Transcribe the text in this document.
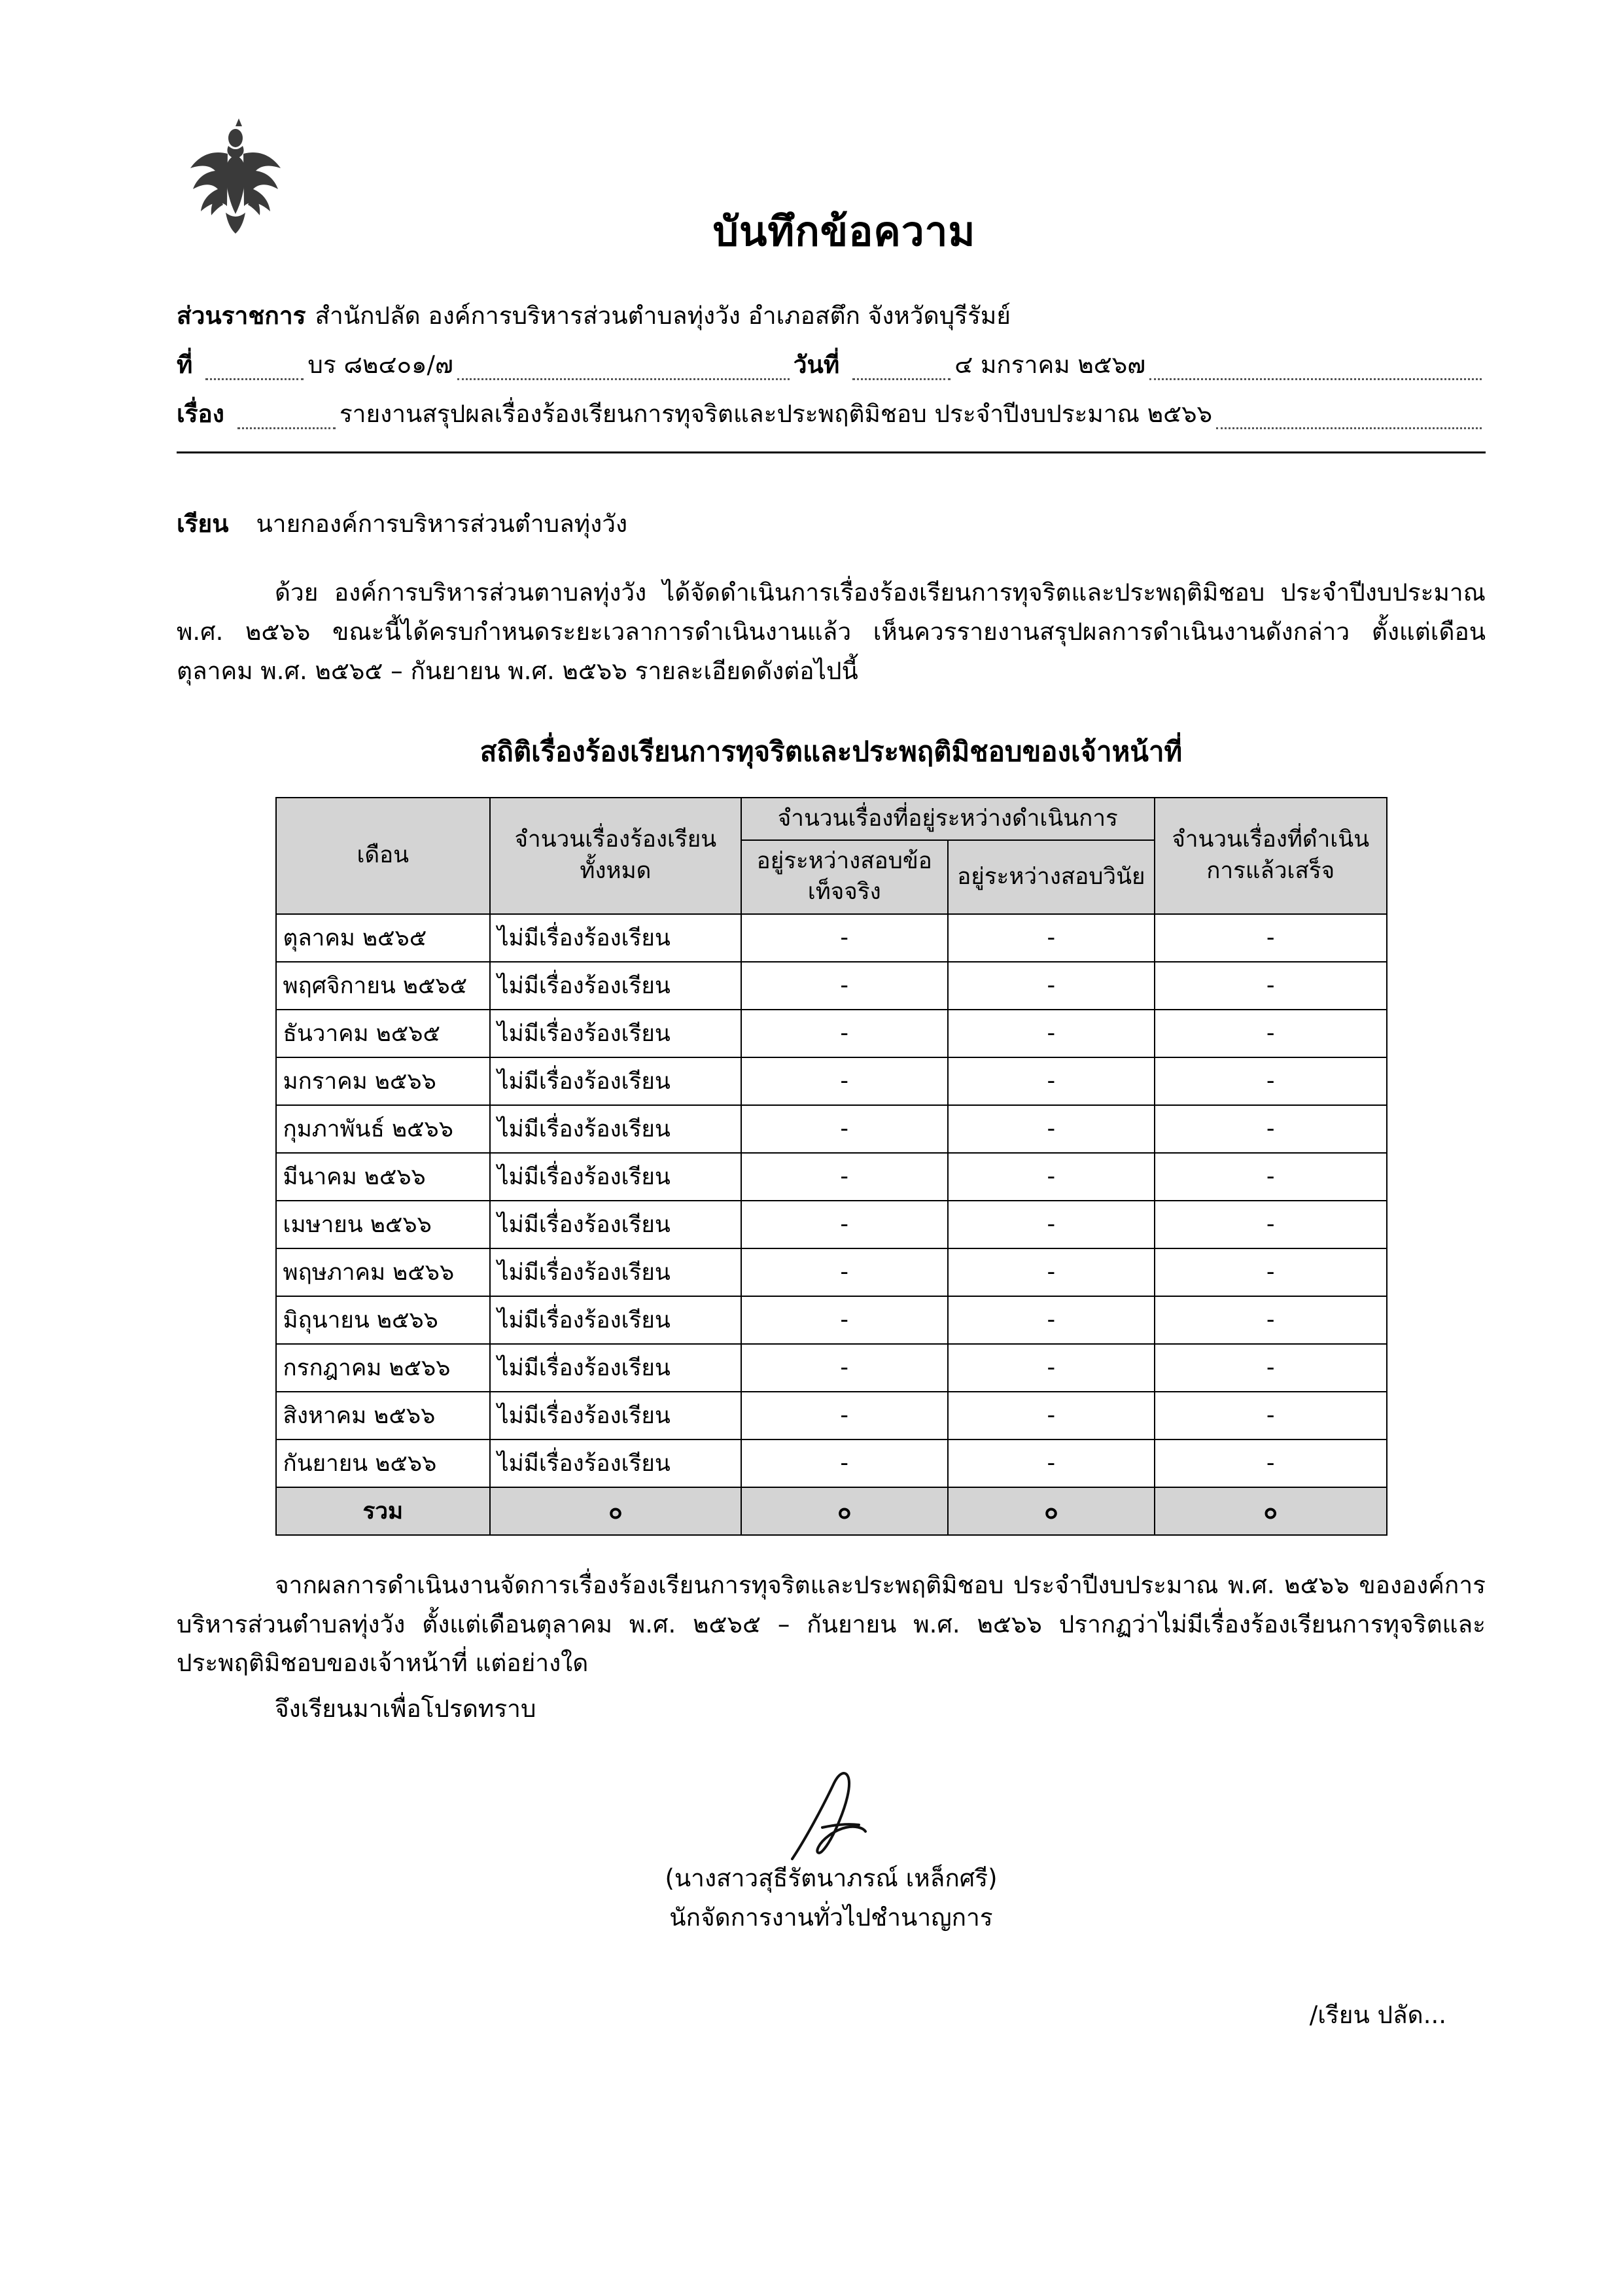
บันทึกข้อความ
ส่วนราชการ สำนักปลัด องค์การบริหารส่วนตำบลทุ่งวัง อำเภอสตึก จังหวัดบุรีรัมย์
ที่	บร ๘๒๔๐๑/๗	วันที่	๔ มกราคม ๒๕๖๗
เรื่อง	รายงานสรุปผลเรื่องร้องเรียนการทุจริตและประพฤติมิชอบ ประจำปีงบประมาณ ๒๕๖๖
เรียน นายกองค์การบริหารส่วนตำบลทุ่งวัง

ด้วย องค์การบริหารส่วนตาบลทุ่งวัง ได้จัดดำเนินการเรื่องร้องเรียนการทุจริตและประพฤติมิชอบ ประจำปีงบประมาณ พ.ศ. ๒๕๖๖ ขณะนี้ได้ครบกำหนดระยะเวลาการดำเนินงานแล้ว เห็นควรรายงานสรุปผลการดำเนินงานดังกล่าว ตั้งแต่เดือนตุลาคม พ.ศ. ๒๕๖๕ – กันยายน พ.ศ. ๒๕๖๖ รายละเอียดดังต่อไปนี้

สถิติเรื่องร้องเรียนการทุจริตและประพฤติมิชอบของเจ้าหน้าที่
เดือน	จำนวนเรื่องร้องเรียนทั้งหมด	จำนวนเรื่องที่อยู่ระหว่างดำเนินการ		จำนวนเรื่องที่ดำเนินการแล้วเสร็จ
		อยู่ระหว่างสอบข้อเท็จจริง	อยู่ระหว่างสอบวินัย	
ตุลาคม ๒๕๖๕	ไม่มีเรื่องร้องเรียน	-	-	-
พฤศจิกายน ๒๕๖๕	ไม่มีเรื่องร้องเรียน	-	-	-
ธันวาคม ๒๕๖๕	ไม่มีเรื่องร้องเรียน	-	-	-
มกราคม ๒๕๖๖	ไม่มีเรื่องร้องเรียน	-	-	-
กุมภาพันธ์ ๒๕๖๖	ไม่มีเรื่องร้องเรียน	-	-	-
มีนาคม ๒๕๖๖	ไม่มีเรื่องร้องเรียน	-	-	-
เมษายน ๒๕๖๖	ไม่มีเรื่องร้องเรียน	-	-	-
พฤษภาคม ๒๕๖๖	ไม่มีเรื่องร้องเรียน	-	-	-
มิถุนายน ๒๕๖๖	ไม่มีเรื่องร้องเรียน	-	-	-
กรกฎาคม ๒๕๖๖	ไม่มีเรื่องร้องเรียน	-	-	-
สิงหาคม ๒๕๖๖	ไม่มีเรื่องร้องเรียน	-	-	-
กันยายน ๒๕๖๖	ไม่มีเรื่องร้องเรียน	-	-	-
รวม	๐	๐	๐	๐

จากผลการดำเนินงานจัดการเรื่องร้องเรียนการทุจริตและประพฤติมิชอบ ประจำปีงบประมาณ พ.ศ. ๒๕๖๖ ขององค์การบริหารส่วนตำบลทุ่งวัง ตั้งแต่เดือนตุลาคม พ.ศ. ๒๕๖๕ – กันยายน พ.ศ. ๒๕๖๖ ปรากฏว่าไม่มีเรื่องร้องเรียนการทุจริตและประพฤติมิชอบของเจ้าหน้าที่ แต่อย่างใด

จึงเรียนมาเพื่อโปรดทราบ
(นางสาวสุธีรัตนาภรณ์ เหล็กศรี)
นักจัดการงานทั่วไปชำนาญการ
/เรียน ปลัด...
